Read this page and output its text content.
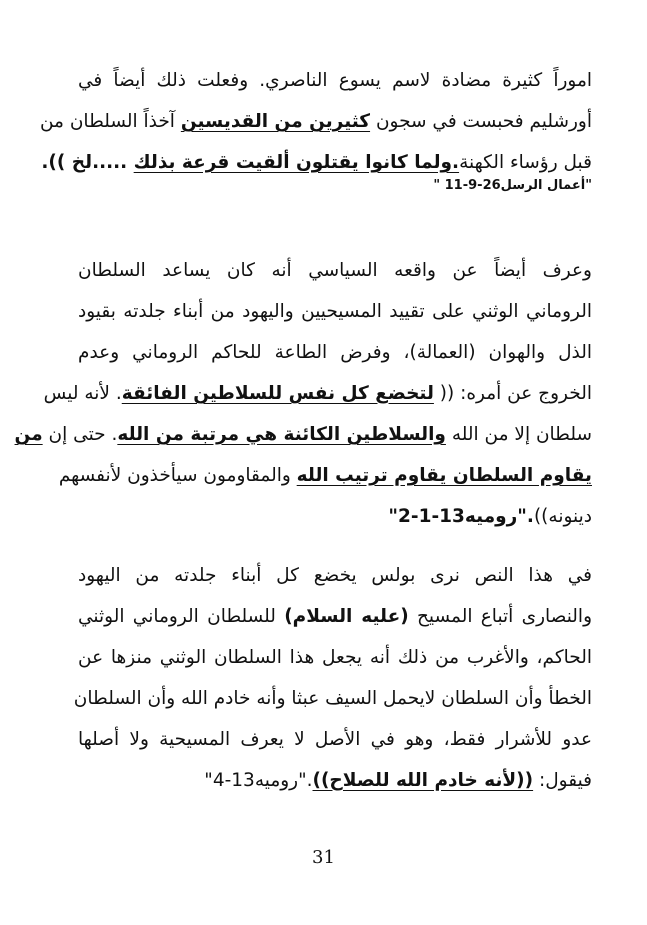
اموراً كثيرة مضادة لاسم يسوع الناصري. وفعلت ذلك أيضاً في
أورشليم فحبست في سجون كثيرين من القديسين آخذاً السلطان من
قبل رؤساء الكهنة.ولما كانوا يقتلون ألقيت قرعة بذلك .....لخ )).
"أعمال الرسل26-9-11 "
وعرف أيضاً عن واقعه السياسي أنه كان يساعد السلطان
الروماني الوثني على تقييد المسيحيين واليهود من أبناء جلدته بقيود
الذل والهوان (العمالة)، وفرض الطاعة للحاكم الروماني وعدم
الخروج عن أمره: (( لتخضع كل نفس للسلاطين الفائقة. لأنه ليس
سلطان إلا من الله والسلاطين الكائنة هي مرتبة من الله. حتى إن من
يقاوم السلطان يقاوم ترتيب الله والمقاومون سيأخذون لأنفسهم
دينونه))."روميه13-1-2"
في هذا النص نرى بولس يخضع كل أبناء جلدته من اليهود
والنصارى أتباع المسيح (عليه السلام) للسلطان الروماني الوثني
الحاكم، والأغرب من ذلك أنه يجعل هذا السلطان الوثني منزها عن
الخطأ وأن السلطان لايحمل السيف عبثا وأنه خادم الله وأن السلطان
عدو للأشرار فقط، وهو في الأصل لا يعرف المسيحية ولا أصلها
فيقول: ((لأنه خادم الله للصلاح))."روميه13-4"
31
